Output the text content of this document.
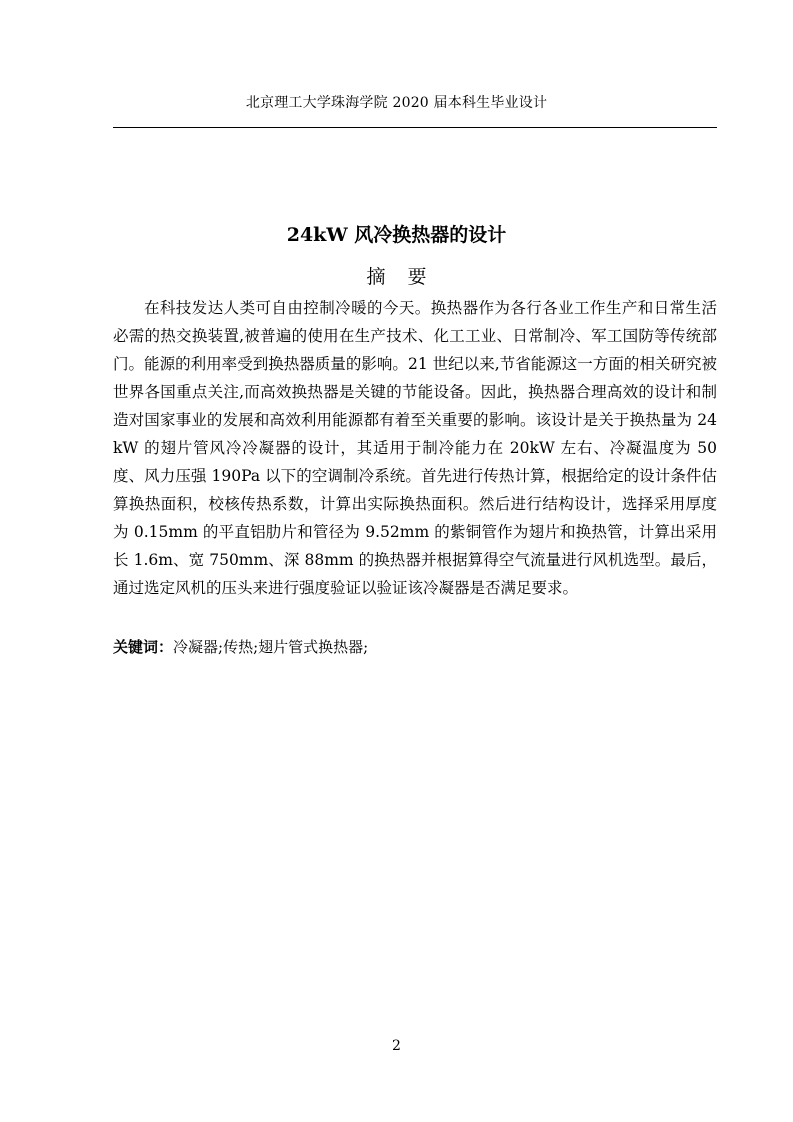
北京理工大学珠海学院 2020 届本科生毕业设计
24kW 风冷换热器的设计
摘要
在科技发达人类可自由控制冷暖的今天。换热器作为各行各业工作生产和日常生活必需的热交换装置,被普遍的使用在生产技术、化工工业、日常制冷、军工国防等传统部门。能源的利用率受到换热器质量的影响。21 世纪以来,节省能源这一方面的相关研究被世界各国重点关注,而高效换热器是关键的节能设备。因此，换热器合理高效的设计和制造对国家事业的发展和高效利用能源都有着至关重要的影响。该设计是关于换热量为 24kW 的翅片管风冷冷凝器的设计，其适用于制冷能力在 20kW 左右、冷凝温度为 50 度、风力压强 190Pa 以下的空调制冷系统。首先进行传热计算，根据给定的设计条件估算换热面积，校核传热系数，计算出实际换热面积。然后进行结构设计，选择采用厚度为 0.15mm 的平直铝肋片和管径为 9.52mm 的紫铜管作为翅片和换热管，计算出采用长 1.6m、宽 750mm、深 88mm 的换热器并根据算得空气流量进行风机选型。最后，通过选定风机的压头来进行强度验证以验证该冷凝器是否满足要求。
关键词：冷凝器;传热;翅片管式换热器;
2
